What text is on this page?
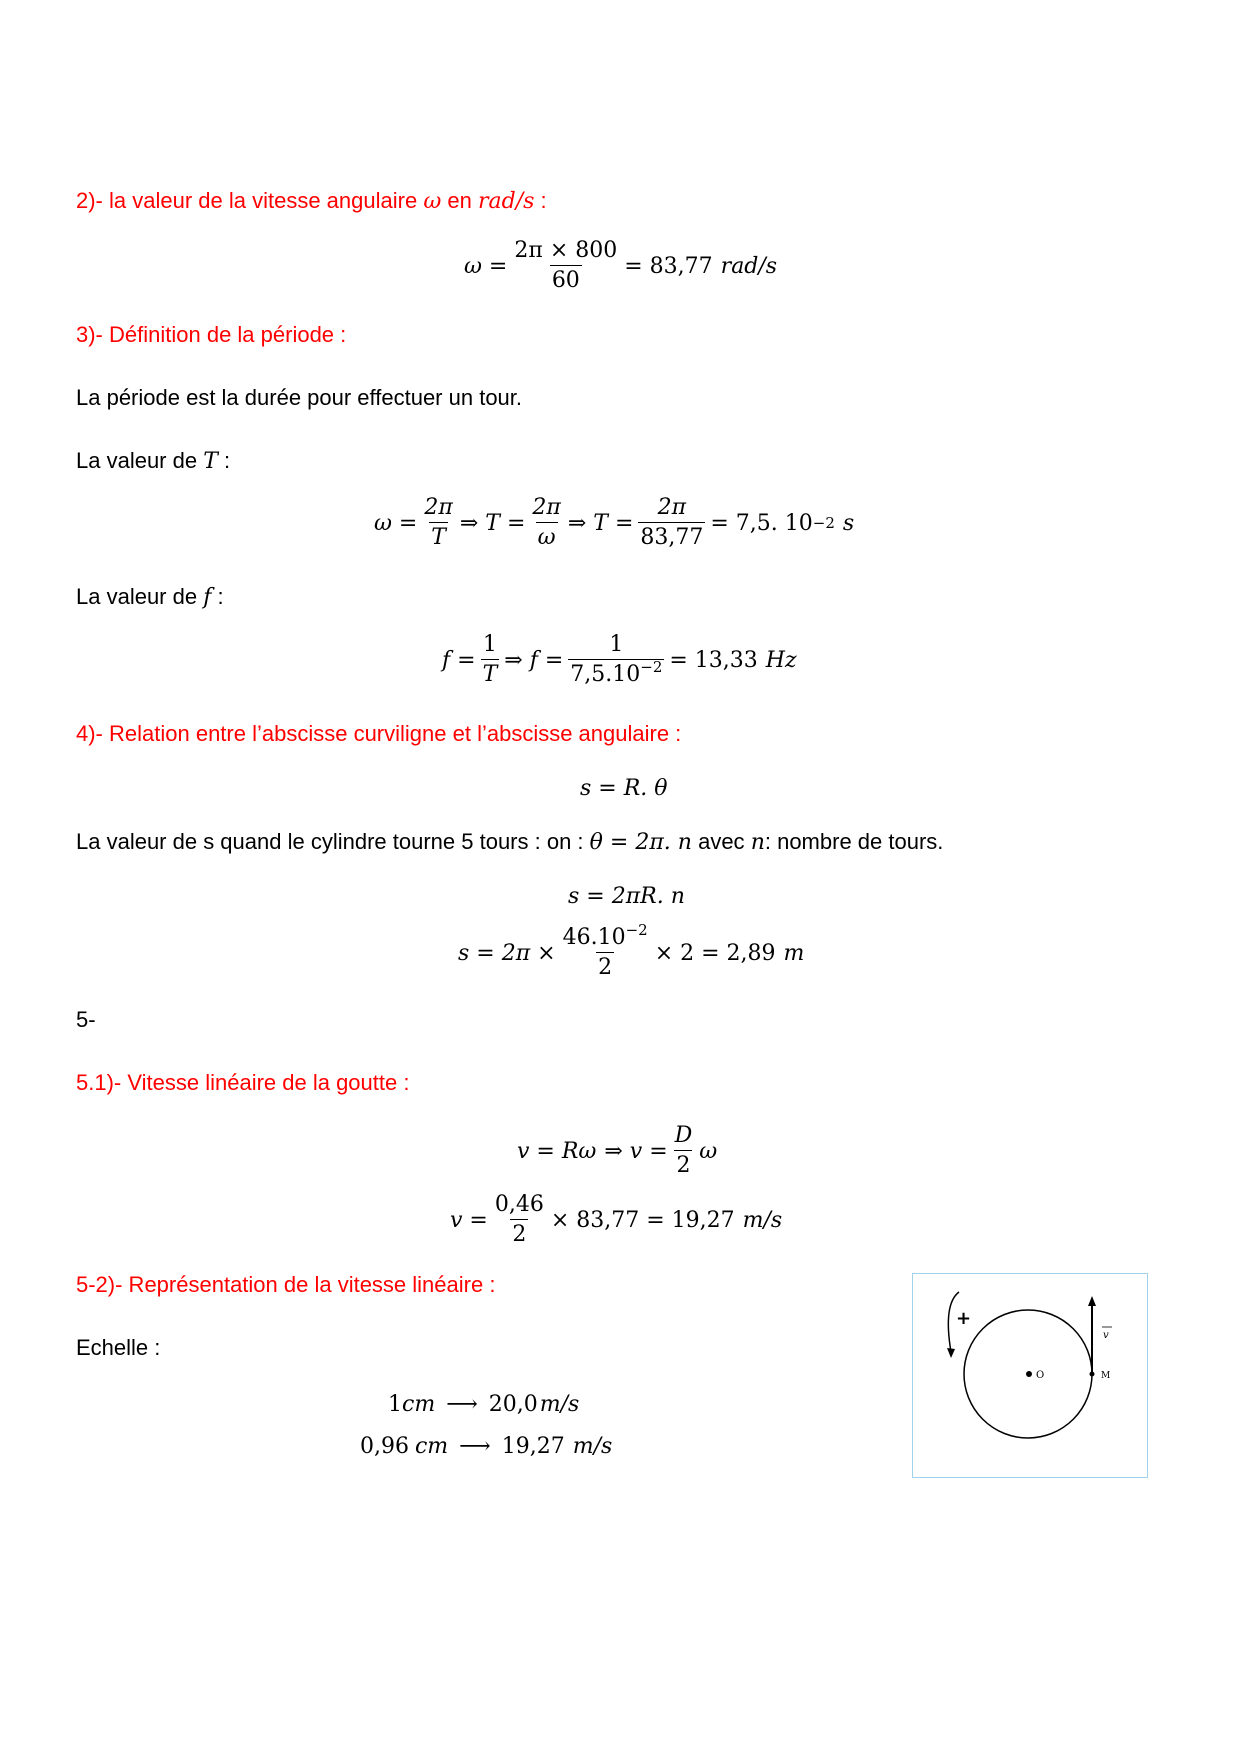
2)- la valeur de la vitesse angulaire ω en rad/s :
$\omega = \frac{2\pi \times 800}{60} = 83,77$ rad/s
3)- Définition de la période :
La période est la durée pour effectuer un tour.
La valeur de T :
$\omega = \frac{2\pi}{T}$ ⇒ $T = \frac{2\pi}{\omega}$ ⇒ $T = \frac{2\pi}{83,77} = 7,5$. 10 −2 s
La valeur de f :
$f = \frac{1}{T}$ ⇒ $f = \frac{1}{7,5.10^{-2}} = 13,33$ Hz
4)- Relation entre l’abscisse curviligne et l’abscisse angulaire :
s = R. θ
La valeur de s quand le cylindre tourne 5 tours : on : θ = 2π. n avec n: nombre de tours.
s = 2πR. n
$s = 2\pi \times \frac{46.10^{-2}}{2} \times 2 = 2,89$ m
5-
5.1)- Vitesse linéaire de la goutte :
v = Rω ⇒ $v = \frac{D}{2}$ ω
$v = \frac{0,46}{2} \times 83,77 = 19,27$ m/s
5-2)- Représentation de la vitesse linéaire :
Echelle :
1cm ⟶ 20,0m/s
0,96 cm ⟶ 19,27 m/s
O	M
v
+
